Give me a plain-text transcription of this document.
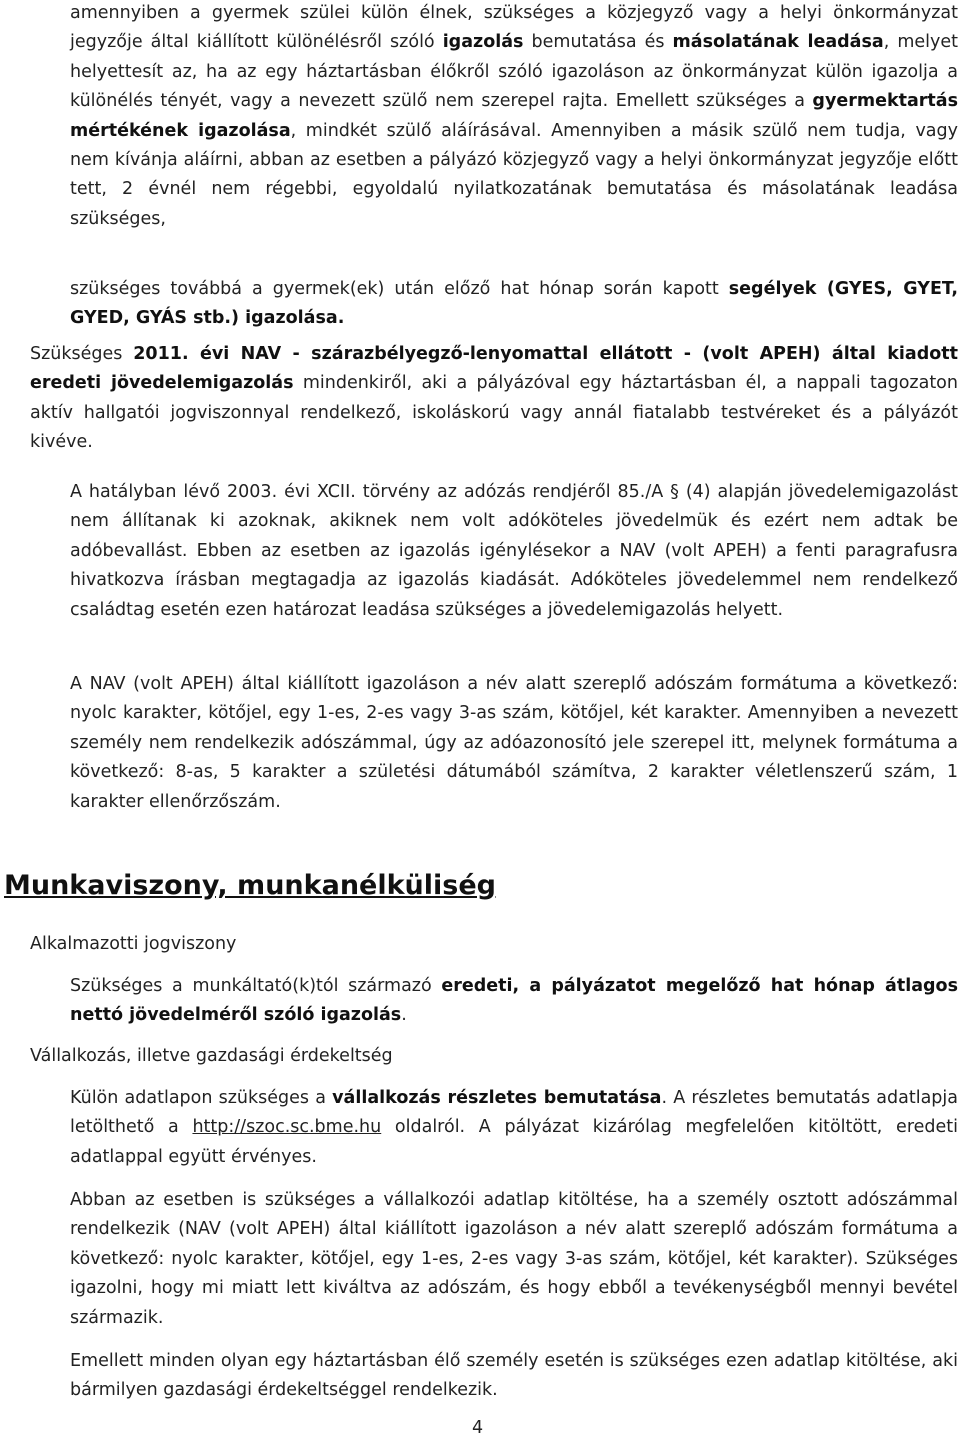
amennyiben a gyermek szülei külön élnek, szükséges a közjegyző vagy a helyi önkormányzat jegyzője által kiállított különélésről szóló igazolás bemutatása és másolatának leadása, melyet helyettesít az, ha az egy háztartásban élőkről szóló igazoláson az önkormányzat külön igazolja a különélés tényét, vagy a nevezett szülő nem szerepel rajta. Emellett szükséges a gyermektartás mértékének igazolása, mindkét szülő aláírásával. Amennyiben a másik szülő nem tudja, vagy nem kívánja aláírni, abban az esetben a pályázó közjegyző vagy a helyi önkormányzat jegyzője előtt tett, 2 évnél nem régebbi, egyoldalú nyilatkozatának bemutatása és másolatának leadása szükséges,

szükséges továbbá a gyermek(ek) után előző hat hónap során kapott segélyek (GYES, GYET, GYED, GYÁS stb.) igazolása.

Szükséges 2011. évi NAV - szárazbélyegző-lenyomattal ellátott - (volt APEH) által kiadott eredeti jövedelemigazolás mindenkiről, aki a pályázóval egy háztartásban él, a nappali tagozaton aktív hallgatói jogviszonnyal rendelkező, iskoláskorú vagy annál fiatalabb testvéreket és a pályázót kivéve.

A hatályban lévő 2003. évi XCII. törvény az adózás rendjéről 85./A § (4) alapján jövedelemigazolást nem állítanak ki azoknak, akiknek nem volt adóköteles jövedelmük és ezért nem adtak be adóbevallást. Ebben az esetben az igazolás igénylésekor a NAV (volt APEH) a fenti paragrafusra hivatkozva írásban megtagadja az igazolás kiadását. Adóköteles jövedelemmel nem rendelkező családtag esetén ezen határozat leadása szükséges a jövedelemigazolás helyett.

A NAV (volt APEH) által kiállított igazoláson a név alatt szereplő adószám formátuma a következő: nyolc karakter, kötőjel, egy 1-es, 2-es vagy 3-as szám, kötőjel, két karakter. Amennyiben a nevezett személy nem rendelkezik adószámmal, úgy az adóazonosító jele szerepel itt, melynek formátuma a következő: 8-as, 5 karakter a születési dátumából számítva, 2 karakter véletlenszerű szám, 1 karakter ellenőrzőszám.

Munkaviszony, munkanélküliség

Alkalmazotti jogviszony

Szükséges a munkáltató(k)tól származó eredeti, a pályázatot megelőző hat hónap átlagos nettó jövedelméről szóló igazolás.

Vállalkozás, illetve gazdasági érdekeltség

Külön adatlapon szükséges a vállalkozás részletes bemutatása. A részletes bemutatás adatlapja letölthető a http://szoc.sc.bme.hu oldalról. A pályázat kizárólag megfelelően kitöltött, eredeti adatlappal együtt érvényes.

Abban az esetben is szükséges a vállalkozói adatlap kitöltése, ha a személy osztott adószámmal rendelkezik (NAV (volt APEH) által kiállított igazoláson a név alatt szereplő adószám formátuma a következő: nyolc karakter, kötőjel, egy 1-es, 2-es vagy 3-as szám, kötőjel, két karakter). Szükséges igazolni, hogy mi miatt lett kiváltva az adószám, és hogy ebből a tevékenységből mennyi bevétel származik.

Emellett minden olyan egy háztartásban élő személy esetén is szükséges ezen adatlap kitöltése, aki bármilyen gazdasági érdekeltséggel rendelkezik.

4
